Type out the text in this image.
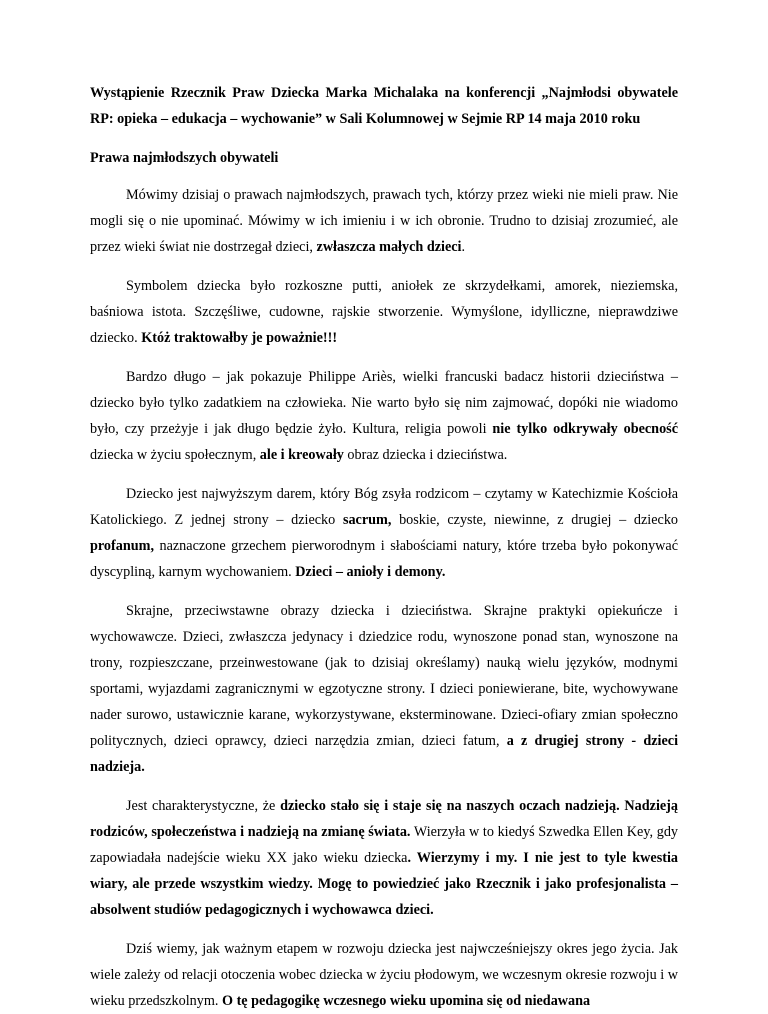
Wystąpienie Rzecznik Praw Dziecka Marka Michalaka na konferencji „Najmłodsi obywatele RP: opieka – edukacja – wychowanie” w Sali Kolumnowej w Sejmie RP 14 maja 2010 roku

Prawa najmłodszych obywateli

Mówimy dzisiaj o prawach najmłodszych, prawach tych, którzy przez wieki nie mieli praw. Nie mogli się o nie upominać. Mówimy w ich imieniu i w ich obronie. Trudno to dzisiaj zrozumieć, ale przez wieki świat nie dostrzegał dzieci, zwłaszcza małych dzieci.

Symbolem dziecka było rozkoszne putti, aniołek ze skrzydełkami, amorek, nieziemska, baśniowa istota. Szczęśliwe, cudowne, rajskie stworzenie. Wymyślone, idylliczne, nieprawdziwe dziecko. Któż traktowałby je poważnie!!!

Bardzo długo – jak pokazuje Philippe Ariès, wielki francuski badacz historii dzieciństwa – dziecko było tylko zadatkiem na człowieka. Nie warto było się nim zajmować, dopóki nie wiadomo było, czy przeżyje i jak długo będzie żyło. Kultura, religia powoli nie tylko odkrywały obecność dziecka w życiu społecznym, ale i kreowały obraz dziecka i dzieciństwa.

Dziecko jest najwyższym darem, który Bóg zsyła rodzicom – czytamy w Katechizmie Kościoła Katolickiego. Z jednej strony – dziecko sacrum, boskie, czyste, niewinne, z drugiej – dziecko profanum, naznaczone grzechem pierworodnym i słabościami natury, które trzeba było pokonywać dyscypliną, karnym wychowaniem. Dzieci – anioły i demony.

Skrajne, przeciwstawne obrazy dziecka i dzieciństwa. Skrajne praktyki opiekuńcze i wychowawcze. Dzieci, zwłaszcza jedynacy i dziedzice rodu, wynoszone ponad stan, wynoszone na trony, rozpieszczane, przeinwestowane (jak to dzisiaj określamy) nauką wielu języków, modnymi sportami, wyjazdami zagranicznymi w egzotyczne strony. I dzieci poniewierane, bite, wychowywane nader surowo, ustawicznie karane, wykorzystywane, eksterminowane. Dzieci-ofiary zmian społeczno politycznych, dzieci oprawcy, dzieci narzędzia zmian, dzieci fatum, a z drugiej strony - dzieci nadzieja.

Jest charakterystyczne, że dziecko stało się i staje się na naszych oczach nadzieją. Nadzieją rodziców, społeczeństwa i nadzieją na zmianę świata. Wierzyła w to kiedyś Szwedka Ellen Key, gdy zapowiadała nadejście wieku XX jako wieku dziecka. Wierzymy i my. I nie jest to tyle kwestia wiary, ale przede wszystkim wiedzy. Mogę to powiedzieć jako Rzecznik i jako profesjonalista – absolwent studiów pedagogicznych i wychowawca dzieci.

Dziś wiemy, jak ważnym etapem w rozwoju dziecka jest najwcześniejszy okres jego życia. Jak wiele zależy od relacji otoczenia wobec dziecka w życiu płodowym, we wczesnym okresie rozwoju i w wieku przedszkolnym. O tę pedagogikę wczesnego wieku upomina się od niedawana
